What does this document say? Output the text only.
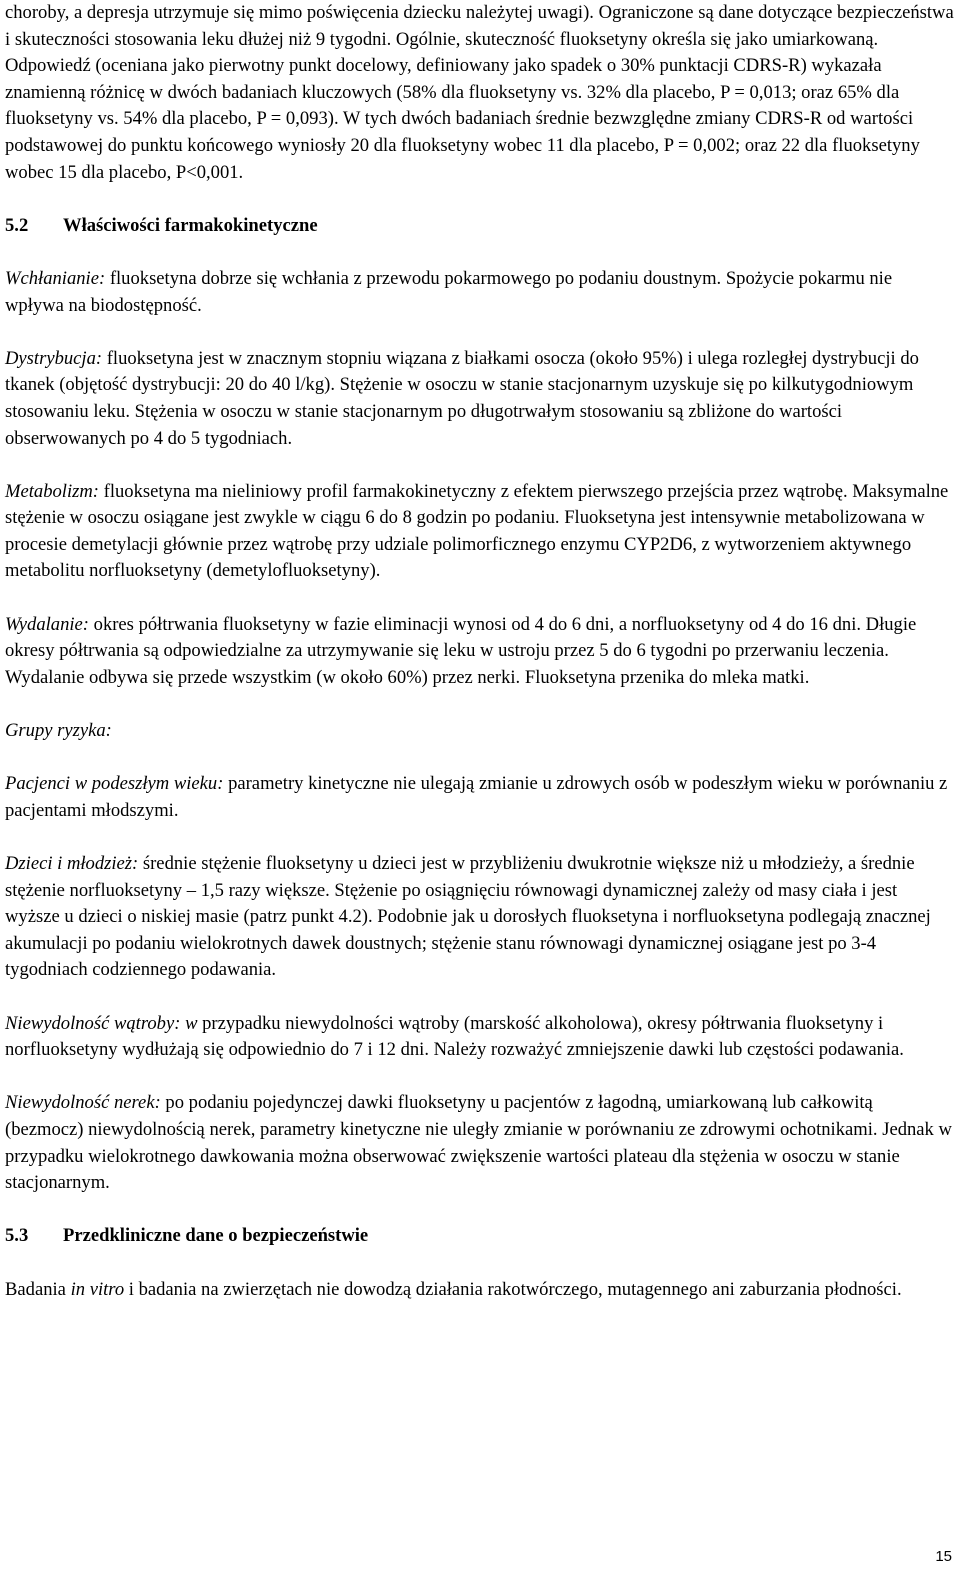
choroby, a depresja utrzymuje się mimo poświęcenia dziecku należytej uwagi). Ograniczone są dane dotyczące bezpieczeństwa i skuteczności stosowania leku dłużej niż 9 tygodni. Ogólnie, skuteczność fluoksetyny określa się jako umiarkowaną. Odpowiedź (oceniana jako pierwotny punkt docelowy, definiowany jako spadek o 30% punktacji CDRS-R) wykazała znamienną różnicę w dwóch badaniach kluczowych (58% dla fluoksetyny vs. 32% dla placebo, P = 0,013; oraz 65% dla fluoksetyny vs. 54% dla placebo, P = 0,093). W tych dwóch badaniach średnie bezwzględne zmiany CDRS-R od wartości podstawowej do punktu końcowego wyniosły 20 dla fluoksetyny wobec 11 dla placebo, P = 0,002; oraz 22 dla fluoksetyny wobec 15 dla placebo, P<0,001.

5.2	Właściwości farmakokinetyczne

Wchłanianie: fluoksetyna dobrze się wchłania z przewodu pokarmowego po podaniu doustnym. Spożycie pokarmu nie wpływa na biodostępność.

Dystrybucja: fluoksetyna jest w znacznym stopniu wiązana z białkami osocza (około 95%) i ulega rozległej dystrybucji do tkanek (objętość dystrybucji: 20 do 40 l/kg). Stężenie w osoczu w stanie stacjonarnym uzyskuje się po kilkutygodniowym stosowaniu leku. Stężenia w osoczu w stanie stacjonarnym po długotrwałym stosowaniu są zbliżone do wartości obserwowanych po 4 do 5 tygodniach.

Metabolizm: fluoksetyna ma nieliniowy profil farmakokinetyczny z efektem pierwszego przejścia przez wątrobę. Maksymalne stężenie w osoczu osiągane jest zwykle w ciągu 6 do 8 godzin po podaniu. Fluoksetyna jest intensywnie metabolizowana w procesie demetylacji głównie przez wątrobę przy udziale polimorficznego enzymu CYP2D6, z wytworzeniem aktywnego metabolitu norfluoksetyny (demetylofluoksetyny).

Wydalanie: okres półtrwania fluoksetyny w fazie eliminacji wynosi od 4 do 6 dni, a norfluoksetyny od 4 do 16 dni. Długie okresy półtrwania są odpowiedzialne za utrzymywanie się leku w ustroju przez 5 do 6 tygodni po przerwaniu leczenia. Wydalanie odbywa się przede wszystkim (w około 60%) przez nerki. Fluoksetyna przenika do mleka matki.

Grupy ryzyka:

Pacjenci w podeszłym wieku: parametry kinetyczne nie ulegają zmianie u zdrowych osób w podeszłym wieku w porównaniu z pacjentami młodszymi.

Dzieci i młodzież: średnie stężenie fluoksetyny u dzieci jest w przybliżeniu dwukrotnie większe niż u młodzieży, a średnie stężenie norfluoksetyny – 1,5 razy większe. Stężenie po osiągnięciu równowagi dynamicznej zależy od masy ciała i jest wyższe u dzieci o niskiej masie (patrz punkt 4.2). Podobnie jak u dorosłych fluoksetyna i norfluoksetyna podlegają znacznej akumulacji po podaniu wielokrotnych dawek doustnych; stężenie stanu równowagi dynamicznej osiągane jest po 3-4 tygodniach codziennego podawania.

Niewydolność wątroby: w przypadku niewydolności wątroby (marskość alkoholowa), okresy półtrwania fluoksetyny i norfluoksetyny wydłużają się odpowiednio do 7 i 12 dni. Należy rozważyć zmniejszenie dawki lub częstości podawania.

Niewydolność nerek: po podaniu pojedynczej dawki fluoksetyny u pacjentów z łagodną, umiarkowaną lub całkowitą (bezmocz) niewydolnością nerek, parametry kinetyczne nie uległy zmianie w porównaniu ze zdrowymi ochotnikami. Jednak w przypadku wielokrotnego dawkowania można obserwować zwiększenie wartości plateau dla stężenia w osoczu w stanie stacjonarnym.

5.3	Przedkliniczne dane o bezpieczeństwie

Badania in vitro i badania na zwierzętach nie dowodzą działania rakotwórczego, mutagennego ani zaburzania płodności.

15
